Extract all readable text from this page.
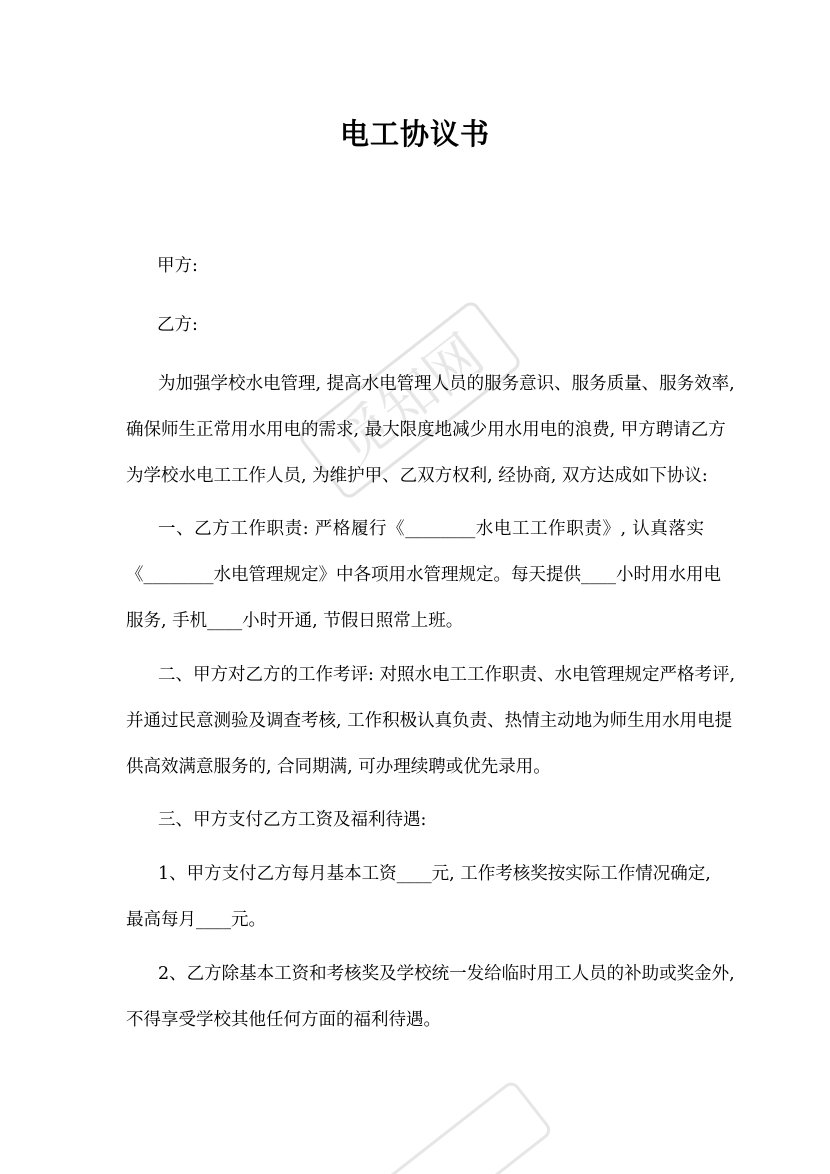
觅知网
电工协议书
甲方:
乙方:
为加强学校水电管理, 提高水电管理人员的服务意识、服务质量、服务效率,
确保师生正常用水用电的需求, 最大限度地减少用水用电的浪费, 甲方聘请乙方
为学校水电工工作人员, 为维护甲、乙双方权利, 经协商, 双方达成如下协议:
一、乙方工作职责: 严格履行《________水电工工作职责》, 认真落实
《________水电管理规定》中各项用水管理规定。每天提供____小时用水用电
服务, 手机____小时开通, 节假日照常上班。
二、甲方对乙方的工作考评: 对照水电工工作职责、水电管理规定严格考评,
并通过民意测验及调查考核, 工作积极认真负责、热情主动地为师生用水用电提
供高效满意服务的, 合同期满, 可办理续聘或优先录用。
三、甲方支付乙方工资及福利待遇:
1、甲方支付乙方每月基本工资____元, 工作考核奖按实际工作情况确定,
最高每月____元。
2、乙方除基本工资和考核奖及学校统一发给临时用工人员的补助或奖金外,
不得享受学校其他任何方面的福利待遇。
